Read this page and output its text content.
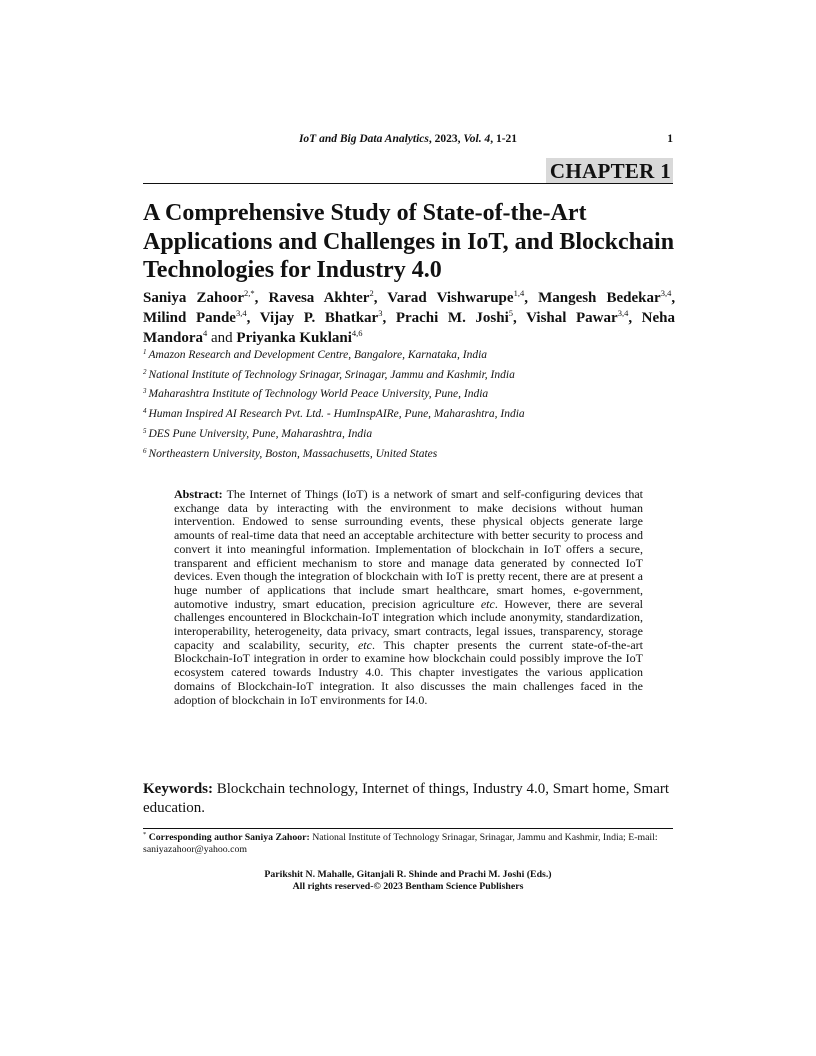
IoT and Big Data Analytics, 2023, Vol. 4, 1-21	1
CHAPTER 1
A Comprehensive Study of State-of-the-Art Applications and Challenges in IoT, and Blockchain Technologies for Industry 4.0
Saniya Zahoor$^{2,*}$, Ravesa Akhter$^2$, Varad Vishwarupe$^{1,4}$, Mangesh Bedekar$^{3,4}$, Milind Pande$^{3,4}$, Vijay P. Bhatkar$^3$, Prachi M. Joshi$^5$, Vishal Pawar$^{3,4}$, Neha Mandora$^4$ and Priyanka Kuklani$^{4,6}$
$^1$ Amazon Research and Development Centre, Bangalore, Karnataka, India
$^2$ National Institute of Technology Srinagar, Srinagar, Jammu and Kashmir, India
$^3$ Maharashtra Institute of Technology World Peace University, Pune, India
$^4$ Human Inspired AI Research Pvt. Ltd. - HumInspAIRe, Pune, Maharashtra, India
$^5$ DES Pune University, Pune, Maharashtra, India
$^6$ Northeastern University, Boston, Massachusetts, United States
Abstract: The Internet of Things (IoT) is a network of smart and self-configuring devices that exchange data by interacting with the environment to make decisions without human intervention. Endowed to sense surrounding events, these physical objects generate large amounts of real-time data that need an acceptable architecture with better security to process and convert it into meaningful information. Implementation of blockchain in IoT offers a secure, transparent and efficient mechanism to store and manage data generated by connected IoT devices. Even though the integration of blockchain with IoT is pretty recent, there are at present a huge number of applications that include smart healthcare, smart homes, e-government, automotive industry, smart education, precision agriculture etc. However, there are several challenges encountered in Blockchain-IoT integration which include anonymity, standardization, interoperability, heterogeneity, data privacy, smart contracts, legal issues, transparency, storage capacity and scalability, security, etc. This chapter presents the current state-of-the-art Blockchain-IoT integration in order to examine how blockchain could possibly improve the IoT ecosystem catered towards Industry 4.0. This chapter investigates the various application domains of Blockchain-IoT integration. It also discusses the main challenges faced in the adoption of blockchain in IoT environments for I4.0.
Keywords: Blockchain technology, Internet of things, Industry 4.0, Smart home, Smart education.
* Corresponding author Saniya Zahoor: National Institute of Technology Srinagar, Srinagar, Jammu and Kashmir, India; E-mail: saniyazahoor@yahoo.com
Parikshit N. Mahalle, Gitanjali R. Shinde and Prachi M. Joshi (Eds.)
All rights reserved-© 2023 Bentham Science Publishers
